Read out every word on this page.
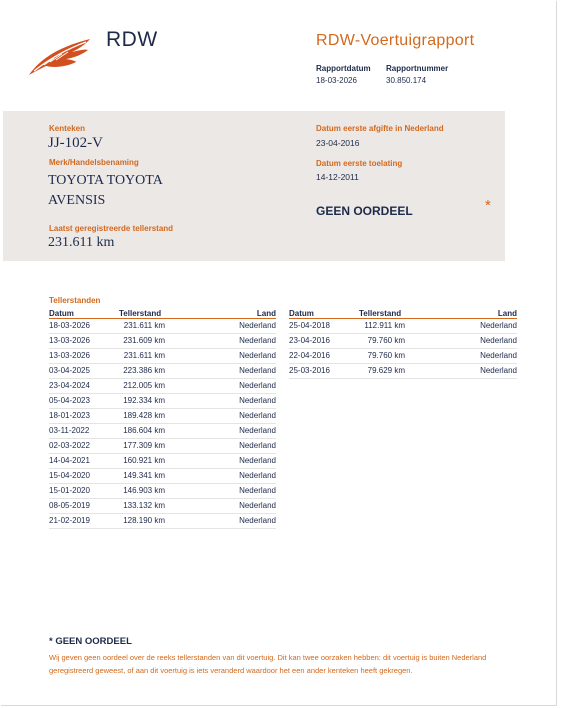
RDW	RDW-Voertuigrapport
Rapportdatum
18-03-2026
Rapportnummer
30.850.174
Kenteken
JJ-102-V
Merk/Handelsbenaming
TOYOTA TOYOTA
AVENSIS
Laatst geregistreerde tellerstand
231.611 km
Datum eerste afgifte in Nederland
23-04-2016
Datum eerste toelating
14-12-2011
GEEN OORDEEL	*
Tellerstanden
Datum	Tellerstand	Land
18-03-2026	231.611 km	Nederland
13-03-2026	231.609 km	Nederland
13-03-2026	231.611 km	Nederland
03-04-2025	223.386 km	Nederland
23-04-2024	212.005 km	Nederland
05-04-2023	192.334 km	Nederland
18-01-2023	189.428 km	Nederland
03-11-2022	186.604 km	Nederland
02-03-2022	177.309 km	Nederland
14-04-2021	160.921 km	Nederland
15-04-2020	149.341 km	Nederland
15-01-2020	146.903 km	Nederland
08-05-2019	133.132 km	Nederland
21-02-2019	128.190 km	Nederland
Datum	Tellerstand	Land
25-04-2018	112.911 km	Nederland
23-04-2016	79.760 km	Nederland
22-04-2016	79.760 km	Nederland
25-03-2016	79.629 km	Nederland
* GEEN OORDEEL
Wij geven geen oordeel over de reeks tellerstanden van dit voertuig. Dit kan twee oorzaken hebben: dit voertuig is buiten Nederland geregistreerd geweest, of aan dit voertuig is iets veranderd waardoor het een ander kenteken heeft gekregen.
